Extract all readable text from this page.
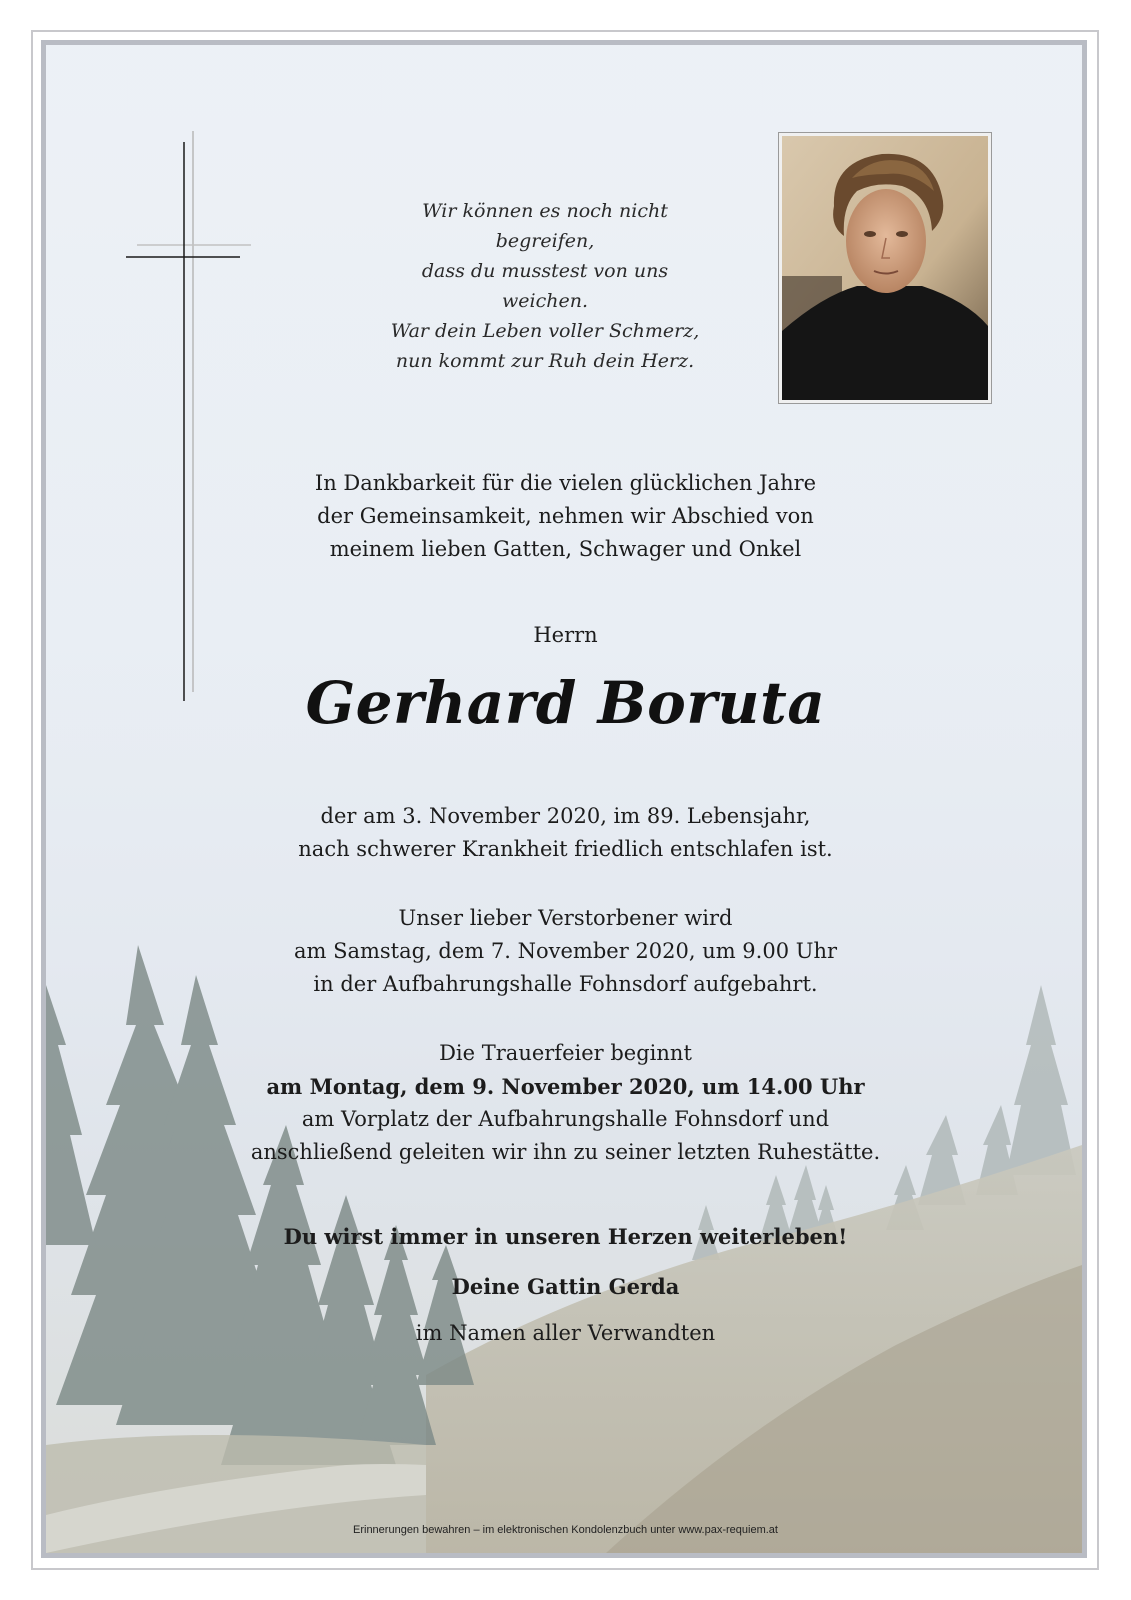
Wir können es noch nicht begreifen,
dass du musstest von uns weichen.
War dein Leben voller Schmerz,
nun kommt zur Ruh dein Herz.
In Dankbarkeit für die vielen glücklichen Jahre
der Gemeinsamkeit, nehmen wir Abschied von
meinem lieben Gatten, Schwager und Onkel
Herrn
Gerhard Boruta
der am 3. November 2020, im 89. Lebensjahr,
nach schwerer Krankheit friedlich entschlafen ist.
Unser lieber Verstorbener wird
am Samstag, dem 7. November 2020, um 9.00 Uhr
in der Aufbahrungshalle Fohnsdorf aufgebahrt.
Die Trauerfeier beginnt
am Montag, dem 9. November 2020, um 14.00 Uhr
am Vorplatz der Aufbahrungshalle Fohnsdorf und
anschließend geleiten wir ihn zu seiner letzten Ruhestätte.
Du wirst immer in unseren Herzen weiterleben!
Deine Gattin Gerda
im Namen aller Verwandten
Erinnerungen bewahren – im elektronischen Kondolenzbuch unter www.pax-requiem.at
